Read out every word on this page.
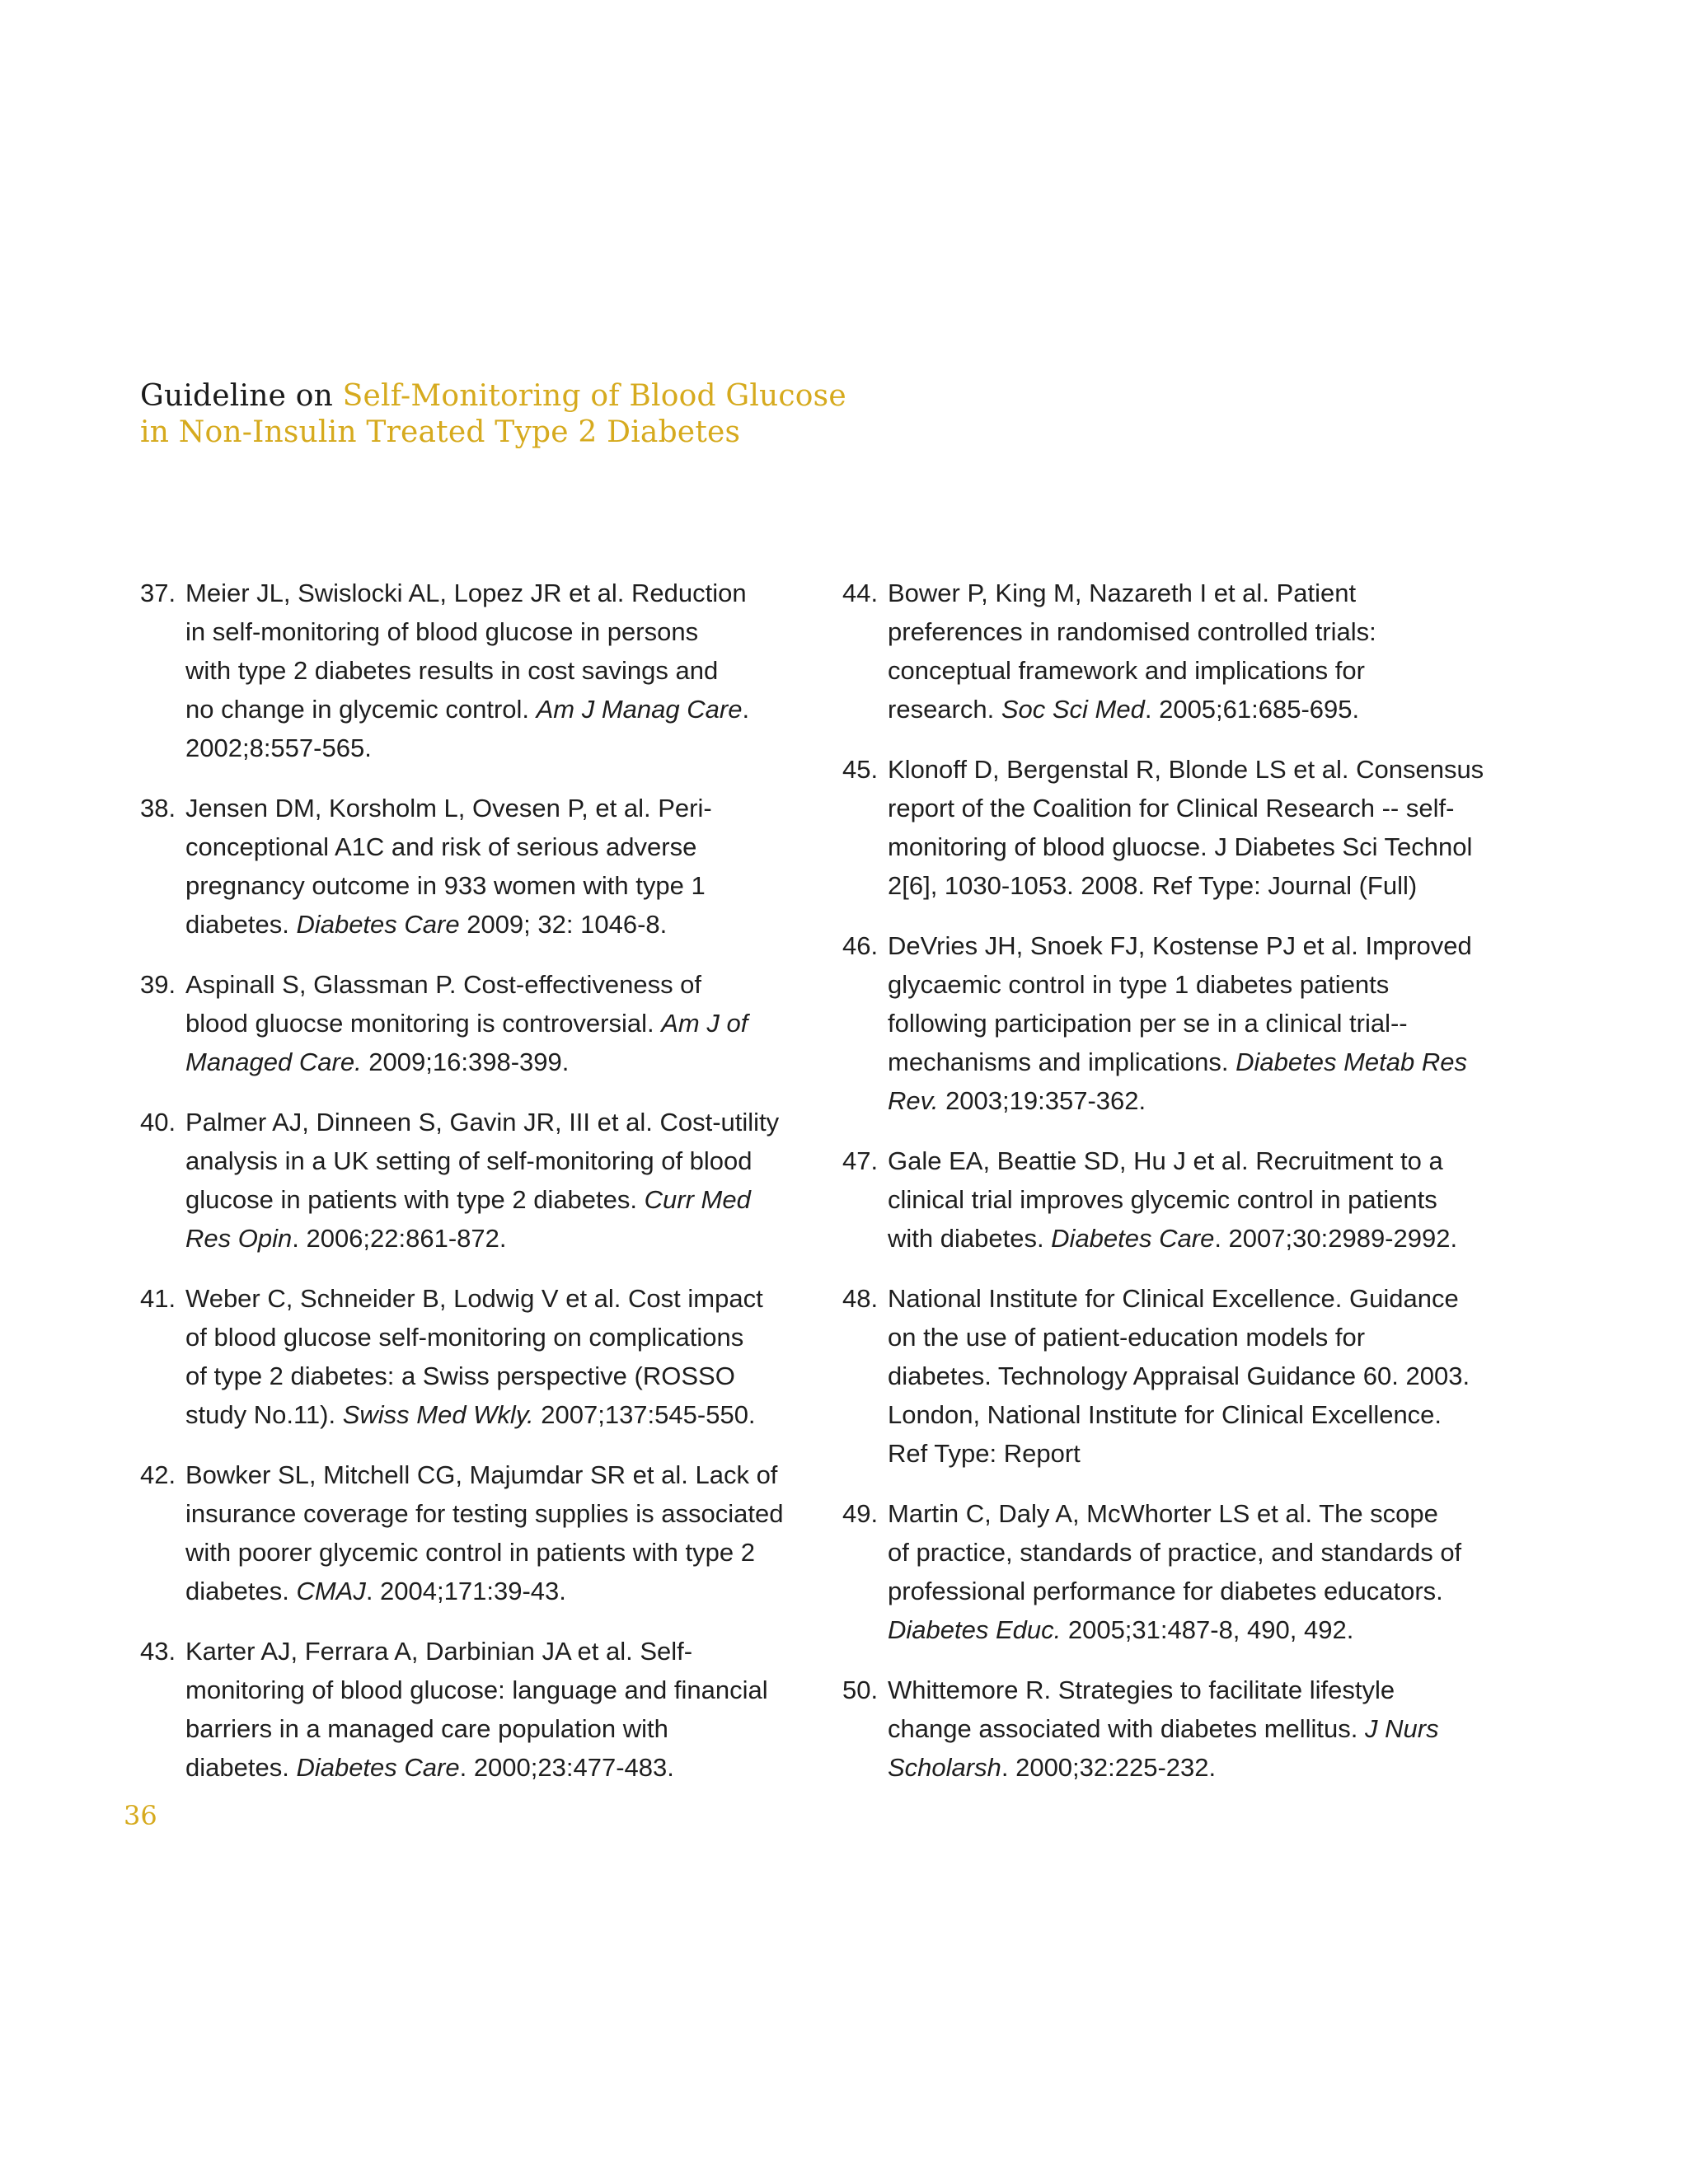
Guideline on Self-Monitoring of Blood Glucose
in Non-Insulin Treated Type 2 Diabetes
37. Meier JL, Swislocki AL, Lopez JR et al. Reduction
in self-monitoring of blood glucose in persons
with type 2 diabetes results in cost savings and
no change in glycemic control. Am J Manag Care.
2002;8:557-565.
38. Jensen DM, Korsholm L, Ovesen P, et al. Peri-
conceptional A1C and risk of serious adverse
pregnancy outcome in 933 women with type 1
diabetes. Diabetes Care 2009; 32: 1046-8.
39. Aspinall S, Glassman P. Cost-effectiveness of
blood gluocse monitoring is controversial. Am J of
Managed Care. 2009;16:398-399.
40. Palmer AJ, Dinneen S, Gavin JR, III et al. Cost-utility
analysis in a UK setting of self-monitoring of blood
glucose in patients with type 2 diabetes. Curr Med
Res Opin. 2006;22:861-872.
41. Weber C, Schneider B, Lodwig V et al. Cost impact
of blood glucose self-monitoring on complications
of type 2 diabetes: a Swiss perspective (ROSSO
study No.11). Swiss Med Wkly. 2007;137:545-550.
42. Bowker SL, Mitchell CG, Majumdar SR et al. Lack of
insurance coverage for testing supplies is associated
with poorer glycemic control in patients with type 2
diabetes. CMAJ. 2004;171:39-43.
43. Karter AJ, Ferrara A, Darbinian JA et al. Self-
monitoring of blood glucose: language and financial
barriers in a managed care population with
diabetes. Diabetes Care. 2000;23:477-483.
44. Bower P, King M, Nazareth I et al. Patient
preferences in randomised controlled trials:
conceptual framework and implications for
research. Soc Sci Med. 2005;61:685-695.
45. Klonoff D, Bergenstal R, Blonde LS et al. Consensus
report of the Coalition for Clinical Research -- self-
monitoring of blood gluocse. J Diabetes Sci Technol
2[6], 1030-1053. 2008. Ref Type: Journal (Full)
46. DeVries JH, Snoek FJ, Kostense PJ et al. Improved
glycaemic control in type 1 diabetes patients
following participation per se in a clinical trial--
mechanisms and implications. Diabetes Metab Res
Rev. 2003;19:357-362.
47. Gale EA, Beattie SD, Hu J et al. Recruitment to a
clinical trial improves glycemic control in patients
with diabetes. Diabetes Care. 2007;30:2989-2992.
48. National Institute for Clinical Excellence. Guidance
on the use of patient-education models for
diabetes. Technology Appraisal Guidance 60. 2003.
London, National Institute for Clinical Excellence.
Ref Type: Report
49. Martin C, Daly A, McWhorter LS et al. The scope
of practice, standards of practice, and standards of
professional performance for diabetes educators.
Diabetes Educ. 2005;31:487-8, 490, 492.
50. Whittemore R. Strategies to facilitate lifestyle
change associated with diabetes mellitus. J Nurs
Scholarsh. 2000;32:225-232.
36
